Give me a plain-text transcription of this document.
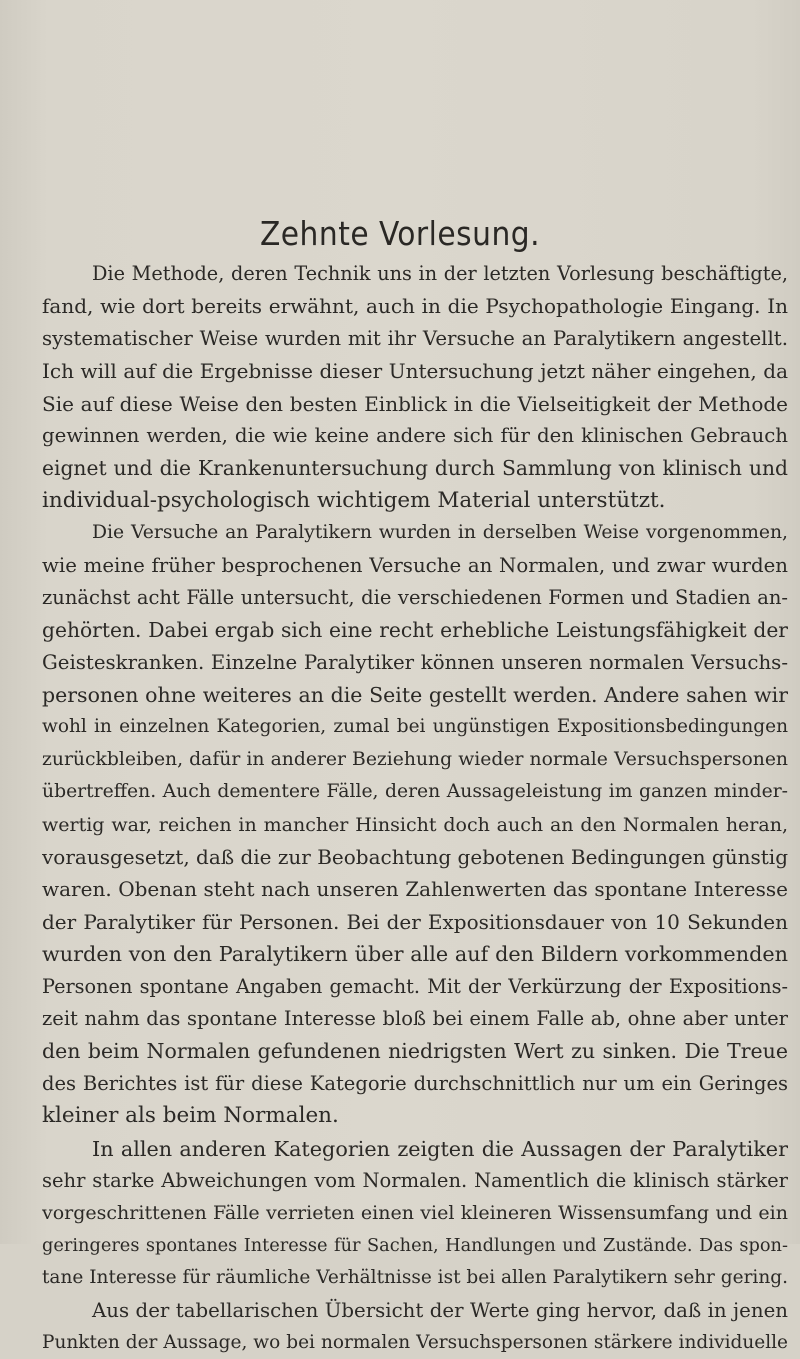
Zehnte Vorlesung.
Die Methode, deren Technik uns in der letzten Vorlesung beschäftigte,
fand, wie dort bereits erwähnt, auch in die Psychopathologie Eingang. In
systematischer Weise wurden mit ihr Versuche an Paralytikern angestellt.
Ich will auf die Ergebnisse dieser Untersuchung jetzt näher eingehen, da
Sie auf diese Weise den besten Einblick in die Vielseitigkeit der Methode
gewinnen werden, die wie keine andere sich für den klinischen Gebrauch
eignet und die Krankenuntersuchung durch Sammlung von klinisch und
individual-psychologisch wichtigem Material unterstützt.
Die Versuche an Paralytikern wurden in derselben Weise vorgenommen,
wie meine früher besprochenen Versuche an Normalen, und zwar wurden
zunächst acht Fälle untersucht, die verschiedenen Formen und Stadien an-
gehörten. Dabei ergab sich eine recht erhebliche Leistungsfähigkeit der
Geisteskranken. Einzelne Paralytiker können unseren normalen Versuchs-
personen ohne weiteres an die Seite gestellt werden. Andere sahen wir
wohl in einzelnen Kategorien, zumal bei ungünstigen Expositionsbedingungen
zurückbleiben, dafür in anderer Beziehung wieder normale Versuchspersonen
übertreffen. Auch dementere Fälle, deren Aussageleistung im ganzen minder-
wertig war, reichen in mancher Hinsicht doch auch an den Normalen heran,
vorausgesetzt, daß die zur Beobachtung gebotenen Bedingungen günstig
waren. Obenan steht nach unseren Zahlenwerten das spontane Interesse
der Paralytiker für Personen. Bei der Expositionsdauer von 10 Sekunden
wurden von den Paralytikern über alle auf den Bildern vorkommenden
Personen spontane Angaben gemacht. Mit der Verkürzung der Expositions-
zeit nahm das spontane Interesse bloß bei einem Falle ab, ohne aber unter
den beim Normalen gefundenen niedrigsten Wert zu sinken. Die Treue
des Berichtes ist für diese Kategorie durchschnittlich nur um ein Geringes
kleiner als beim Normalen.
In allen anderen Kategorien zeigten die Aussagen der Paralytiker
sehr starke Abweichungen vom Normalen. Namentlich die klinisch stärker
vorgeschrittenen Fälle verrieten einen viel kleineren Wissensumfang und ein
geringeres spontanes Interesse für Sachen, Handlungen und Zustände. Das spon-
tane Interesse für räumliche Verhältnisse ist bei allen Paralytikern sehr gering.
Aus der tabellarischen Übersicht der Werte ging hervor, daß in jenen
Punkten der Aussage, wo bei normalen Versuchspersonen stärkere individuelle
